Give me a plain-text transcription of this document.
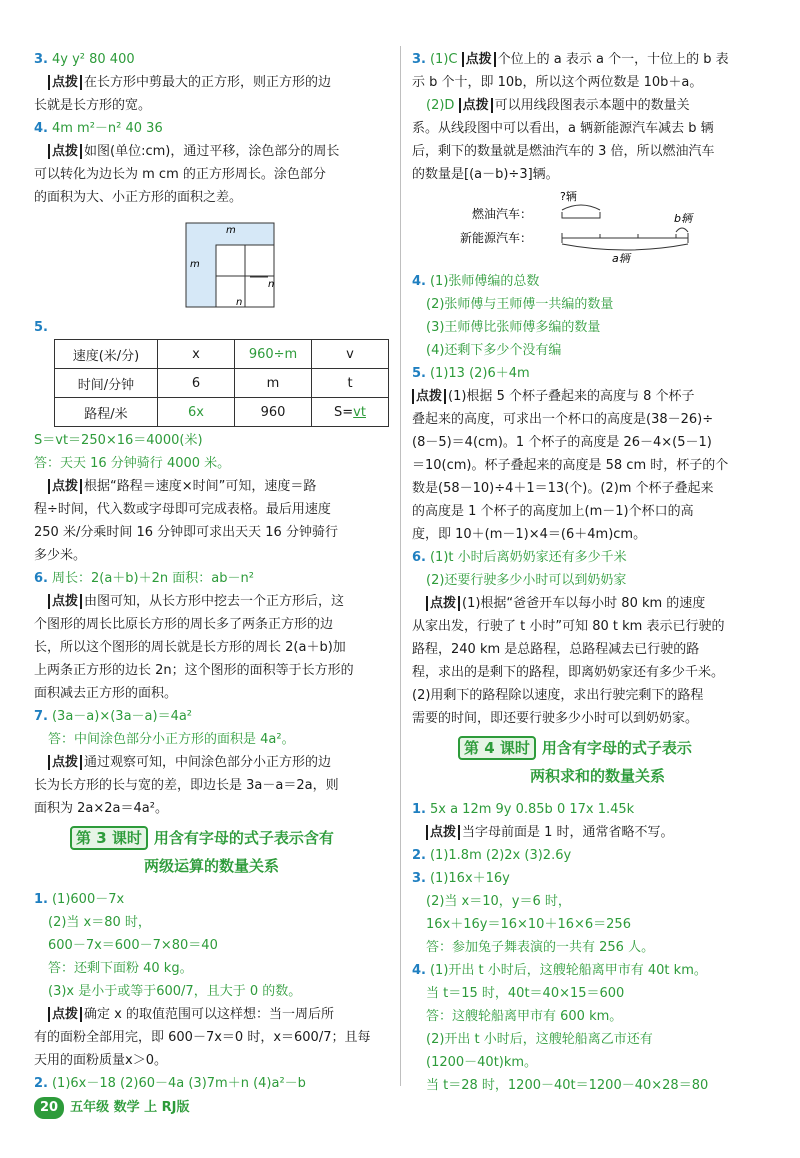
3. 4y y² 80 400
点拨 在长方形中剪最大的正方形，则正方形的边
长就是长方形的宽。
4. 4m m²－n² 40 36
点拨 如图(单位:cm)，通过平移，涂色部分的周长
可以转化为边长为 m cm 的正方形周长。涂色部分
的面积为大、小正方形的面积之差。
m
m
n
n
5.
速度(米/分)	x	960÷m	v
时间/分钟	6	m	t
路程/米	6x	960	S=vt
S＝vt＝250×16＝4000(米)
答：天天 16 分钟骑行 4000 米。
点拨 根据“路程＝速度×时间”可知，速度＝路
程÷时间，代入数或字母即可完成表格。最后用速度
250 米/分乘时间 16 分钟即可求出天天 16 分钟骑行
多少米。
6. 周长：2(a＋b)＋2n 面积：ab－n²
点拨 由图可知，从长方形中挖去一个正方形后，这
个图形的周长比原长方形的周长多了两条正方形的边
长，所以这个图形的周长就是长方形的周长 2(a＋b)加
上两条正方形的边长 2n；这个图形的面积等于长方形的
面积减去正方形的面积。
7. (3a－a)×(3a－a)＝4a²
答：中间涂色部分小正方形的面积是 4a²。
点拨 通过观察可知，中间涂色部分小正方形的边
长为长方形的长与宽的差，即边长是 3a－a＝2a，则
面积为 2a×2a＝4a²。
第 3 课时 用含有字母的式子表示含有
两级运算的数量关系
1. (1)600－7x
(2)当 x＝80 时，
600－7x＝600－7×80＝40
答：还剩下面粉 40 kg。
(3)x 是小于或等于600/7，且大于 0 的数。
点拨 确定 x 的取值范围可以这样想：当一周后所
有的面粉全部用完，即 600－7x＝0 时，x＝600/7；且每
天用的面粉质量x＞0。
2. (1)6x－18 (2)60－4a (3)7m＋n (4)a²－b
3. (1)C 点拨 个位上的 a 表示 a 个一，十位上的 b 表
示 b 个十，即 10b，所以这个两位数是 10b＋a。
(2)D 点拨 可以用线段图表示本题中的数量关
系。从线段图中可以看出，a 辆新能源汽车减去 b 辆
后，剩下的数量就是燃油汽车的 3 倍，所以燃油汽车
的数量是[(a－b)÷3]辆。
?辆
燃油汽车：
新能源汽车：
b辆
a辆
4. (1)张师傅编的总数
(2)张师傅与王师傅一共编的数量
(3)王师傅比张师傅多编的数量
(4)还剩下多少个没有编
5. (1)13 (2)6＋4m
点拨 (1)根据 5 个杯子叠起来的高度与 8 个杯子
叠起来的高度，可求出一个杯口的高度是(38－26)÷
(8－5)＝4(cm)。1 个杯子的高度是 26－4×(5－1)
＝10(cm)。杯子叠起来的高度是 58 cm 时，杯子的个
数是(58－10)÷4＋1＝13(个)。(2)m 个杯子叠起来
的高度是 1 个杯子的高度加上(m－1)个杯口的高
度，即 10＋(m－1)×4＝(6＋4m)cm。
6. (1)t 小时后离奶奶家还有多少千米
(2)还要行驶多少小时可以到奶奶家
点拨 (1)根据“爸爸开车以每小时 80 km 的速度
从家出发，行驶了 t 小时”可知 80 t km 表示已行驶的
路程，240 km 是总路程，总路程减去已行驶的路
程，求出的是剩下的路程，即离奶奶家还有多少千米。
(2)用剩下的路程除以速度，求出行驶完剩下的路程
需要的时间，即还要行驶多少小时可以到奶奶家。
第 4 课时 用含有字母的式子表示
两积求和的数量关系
1. 5x a 12m 9y 0.85b 0 17x 1.45k
点拨 当字母前面是 1 时，通常省略不写。
2. (1)1.8m (2)2x (3)2.6y
3. (1)16x＋16y
(2)当 x＝10，y＝6 时，
16x＋16y＝16×10＋16×6＝256
答：参加兔子舞表演的一共有 256 人。
4. (1)开出 t 小时后，这艘轮船离甲市有 40t km。
当 t＝15 时，40t＝40×15＝600
答：这艘轮船离甲市有 600 km。
(2)开出 t 小时后，这艘轮船离乙市还有
(1200－40t)km。
当 t＝28 时，1200－40t＝1200－40×28＝80
20 五年级 数学 上 RJ版
